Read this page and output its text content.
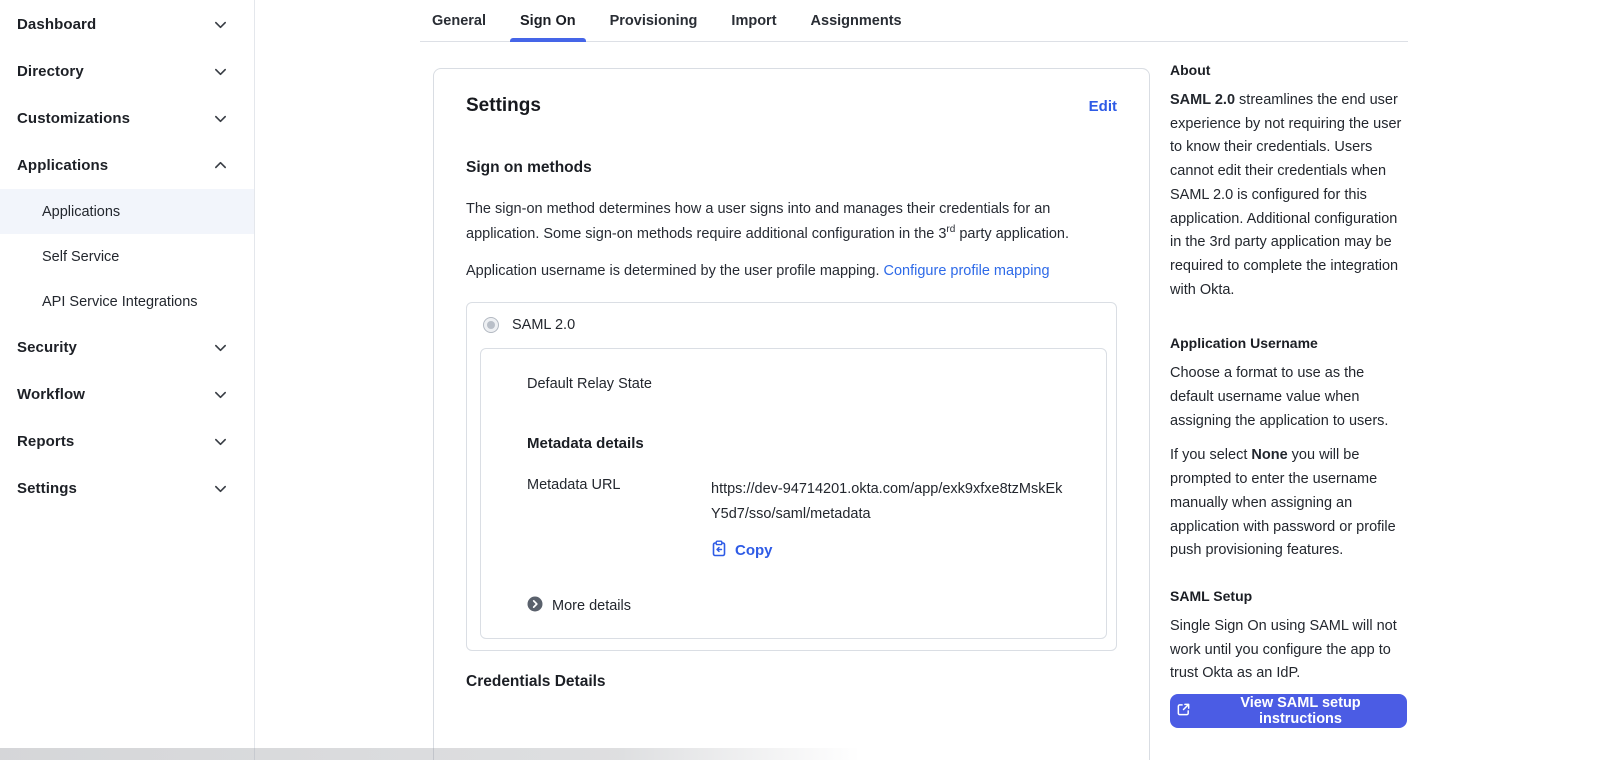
Dashboard
Directory
Customizations
Applications
Applications
Self Service
API Service Integrations
Security
Workflow
Reports
Settings
General Sign On Provisioning Import Assignments
Settings	Edit
Sign on methods

The sign-on method determines how a user signs into and manages their credentials for an application. Some sign-on methods require additional configuration in the 3rd party application.

Application username is determined by the user profile mapping. Configure profile mapping

SAML 2.0
Default Relay State
Metadata details
Metadata URL	https://dev-94714201.okta.com/app/exk9xfxe8tzMskEkY5d7/sso/saml/metadata
Copy
More details
Credentials Details
About

SAML 2.0 streamlines the end user experience by not requiring the user to know their credentials. Users cannot edit their credentials when SAML 2.0 is configured for this application. Additional configuration in the 3rd party application may be required to complete the integration with Okta.

Application Username

Choose a format to use as the default username value when assigning the application to users.

If you select None you will be prompted to enter the username manually when assigning an application with password or profile push provisioning features.

SAML Setup

Single Sign On using SAML will not work until you configure the app to trust Okta as an IdP.

View SAML setup instructions
